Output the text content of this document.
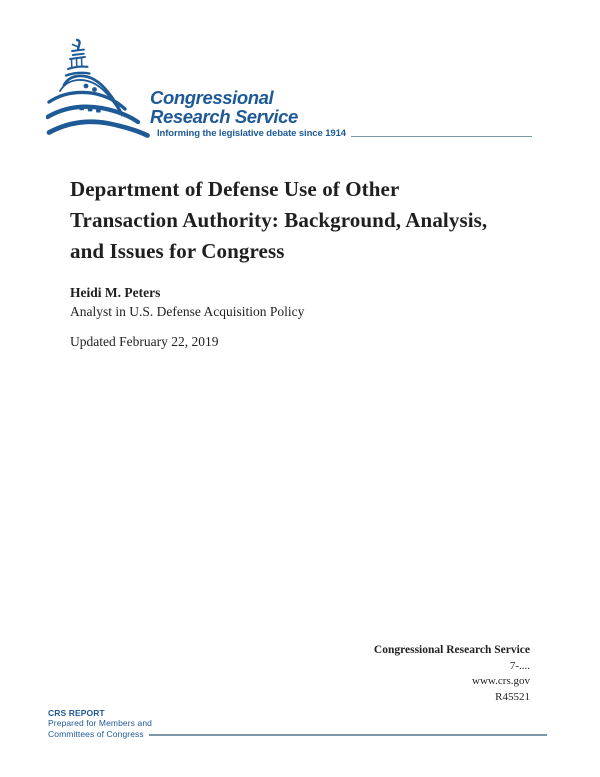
Congressional
Research Service
Informing the legislative debate since 1914
Department of Defense Use of Other
Transaction Authority: Background, Analysis,
and Issues for Congress
Heidi M. Peters
Analyst in U.S. Defense Acquisition Policy
Updated February 22, 2019
Congressional Research Service
7-....
www.crs.gov
R45521
CRS REPORT
Prepared for Members and
Committees of Congress
